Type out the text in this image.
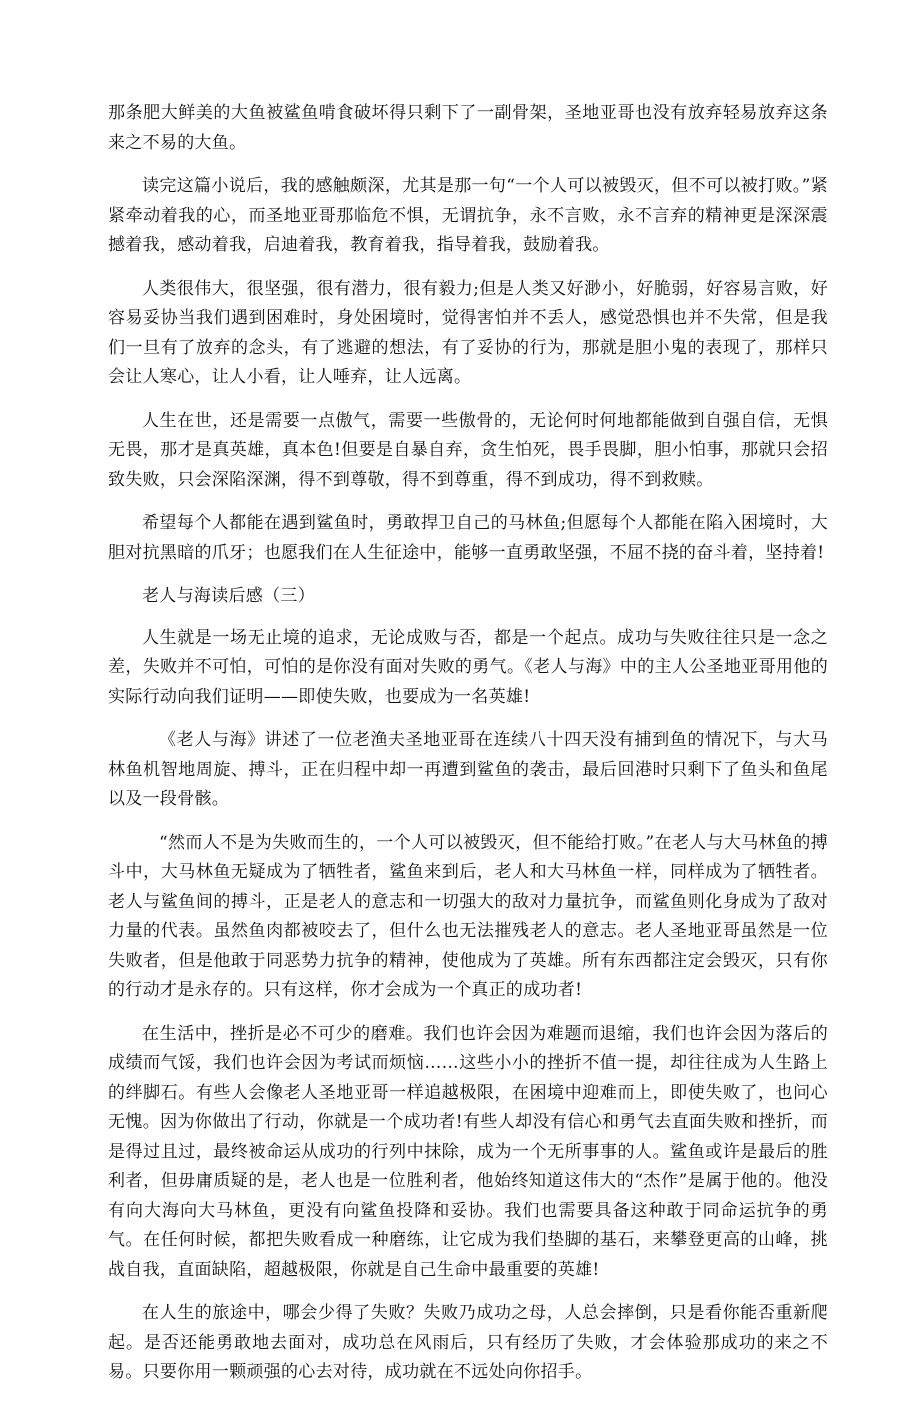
那条肥大鲜美的大鱼被鲨鱼啃食破坏得只剩下了一副骨架，圣地亚哥也没有放弃轻易放弃这条来之不易的大鱼。

读完这篇小说后，我的感触颇深，尤其是那一句“一个人可以被毁灭，但不可以被打败。”紧紧牵动着我的心，而圣地亚哥那临危不惧，无谓抗争，永不言败，永不言弃的精神更是深深震撼着我，感动着我，启迪着我，教育着我，指导着我，鼓励着我。

人类很伟大，很坚强，很有潜力，很有毅力;但是人类又好渺小，好脆弱，好容易言败，好容易妥协当我们遇到困难时，身处困境时，觉得害怕并不丢人，感觉恐惧也并不失常，但是我们一旦有了放弃的念头，有了逃避的想法，有了妥协的行为，那就是胆小鬼的表现了，那样只会让人寒心，让人小看，让人唾弃，让人远离。

人生在世，还是需要一点傲气，需要一些傲骨的，无论何时何地都能做到自强自信，无惧无畏，那才是真英雄，真本色!但要是自暴自弃，贪生怕死，畏手畏脚，胆小怕事，那就只会招致失败，只会深陷深渊，得不到尊敬，得不到尊重，得不到成功，得不到救赎。

希望每个人都能在遇到鲨鱼时，勇敢捍卫自己的马林鱼;但愿每个人都能在陷入困境时，大胆对抗黑暗的爪牙；也愿我们在人生征途中，能够一直勇敢坚强，不屈不挠的奋斗着，坚持着!

老人与海读后感（三）

人生就是一场无止境的追求，无论成败与否，都是一个起点。成功与失败往往只是一念之差，失败并不可怕，可怕的是你没有面对失败的勇气。《老人与海》中的主人公圣地亚哥用他的实际行动向我们证明——即使失败，也要成为一名英雄!

《老人与海》讲述了一位老渔夫圣地亚哥在连续八十四天没有捕到鱼的情况下，与大马林鱼机智地周旋、搏斗，正在归程中却一再遭到鲨鱼的袭击，最后回港时只剩下了鱼头和鱼尾以及一段骨骸。

“然而人不是为失败而生的，一个人可以被毁灭，但不能给打败。”在老人与大马林鱼的搏斗中，大马林鱼无疑成为了牺牲者，鲨鱼来到后，老人和大马林鱼一样，同样成为了牺牲者。老人与鲨鱼间的搏斗，正是老人的意志和一切强大的敌对力量抗争，而鲨鱼则化身成为了敌对力量的代表。虽然鱼肉都被咬去了，但什么也无法摧残老人的意志。老人圣地亚哥虽然是一位失败者，但是他敢于同恶势力抗争的精神，使他成为了英雄。所有东西都注定会毁灭，只有你的行动才是永存的。只有这样，你才会成为一个真正的成功者!

在生活中，挫折是必不可少的磨难。我们也许会因为难题而退缩，我们也许会因为落后的成绩而气馁，我们也许会因为考试而烦恼……这些小小的挫折不值一提，却往往成为人生路上的绊脚石。有些人会像老人圣地亚哥一样追越极限，在困境中迎难而上，即使失败了，也问心无愧。因为你做出了行动，你就是一个成功者!有些人却没有信心和勇气去直面失败和挫折，而是得过且过，最终被命运从成功的行列中抹除，成为一个无所事事的人。鲨鱼或许是最后的胜利者，但毋庸质疑的是，老人也是一位胜利者，他始终知道这伟大的“杰作”是属于他的。他没有向大海向大马林鱼，更没有向鲨鱼投降和妥协。我们也需要具备这种敢于同命运抗争的勇气。在任何时候，都把失败看成一种磨练，让它成为我们垫脚的基石，来攀登更高的山峰，挑战自我，直面缺陷，超越极限，你就是自己生命中最重要的英雄!

在人生的旅途中，哪会少得了失败？失败乃成功之母，人总会摔倒，只是看你能否重新爬起。是否还能勇敢地去面对，成功总在风雨后，只有经历了失败，才会体验那成功的来之不易。只要你用一颗顽强的心去对待，成功就在不远处向你招手。
